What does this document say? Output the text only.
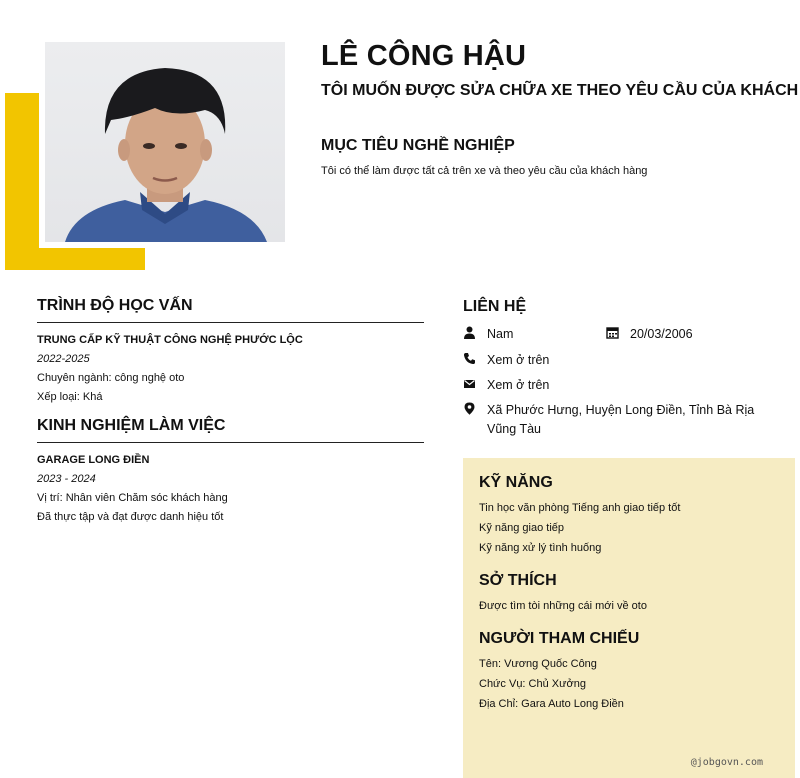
LÊ CÔNG HẬU
TÔI MUỐN ĐƯỢC SỬA CHỮA XE THEO YÊU CẦU CỦA KHÁCH
MỤC TIÊU NGHỀ NGHIỆP

Tôi có thể làm được tất cả trên xe và theo yêu cầu của khách hàng

TRÌNH ĐỘ HỌC VẤN
TRUNG CẤP KỸ THUẬT CÔNG NGHỆ PHƯỚC LỘC
2022-2025
Chuyên ngành: công nghệ oto
Xếp loại: Khá
KINH NGHIỆM LÀM VIỆC
GARAGE LONG ĐIỀN
2023 - 2024
Vị trí: Nhân viên Chăm sóc khách hàng
Đã thực tập và đạt được danh hiệu tốt
LIÊN HỆ
Nam	20/03/2006
Xem ở trên
Xem ở trên
Xã Phước Hưng, Huyện Long Điền, Tỉnh Bà Rịa Vũng Tàu
KỸ NĂNG
Tin học văn phòng Tiếng anh giao tiếp tốt
Kỹ năng giao tiếp
Kỹ năng xử lý tình huống
SỞ THÍCH
Được tìm tòi những cái mới về oto
NGƯỜI THAM CHIẾU
Tên: Vương Quốc Công
Chức Vụ: Chủ Xưởng
Địa Chỉ: Gara Auto Long Điền
@jobgovn.com
